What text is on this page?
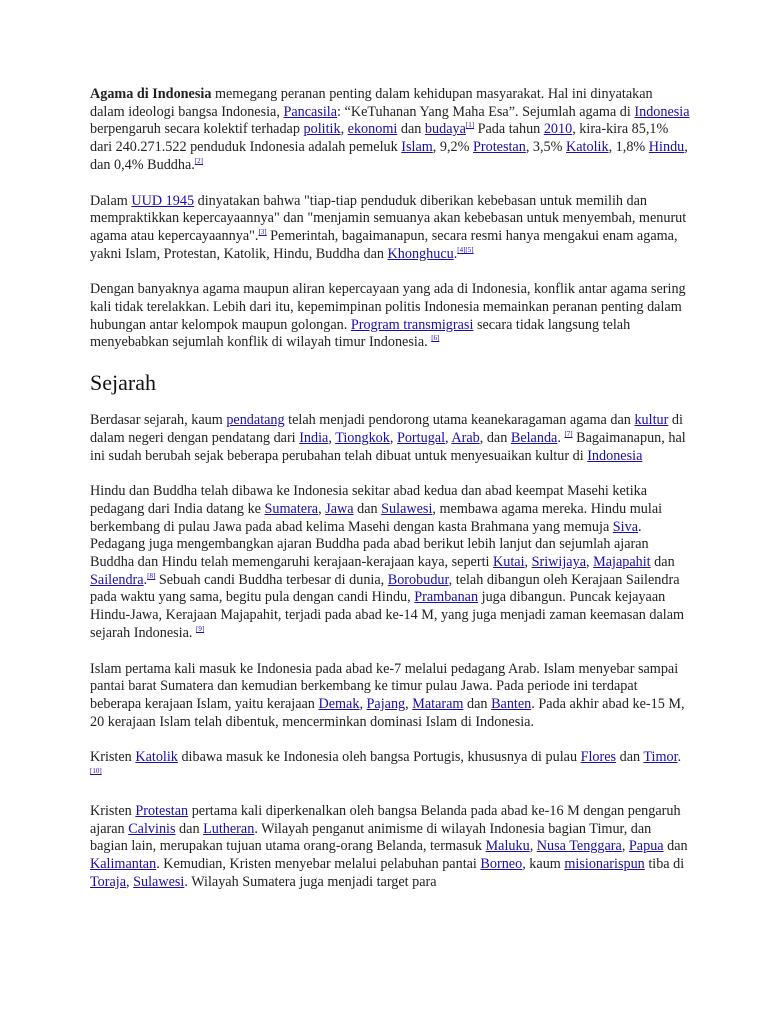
Agama di Indonesia memegang peranan penting dalam kehidupan masyarakat. Hal ini dinyatakan dalam ideologi bangsa Indonesia, Pancasila: “KeTuhanan Yang Maha Esa”. Sejumlah agama di Indonesia berpengaruh secara kolektif terhadap politik, ekonomi dan budaya[1] Pada tahun 2010, kira-kira 85,1% dari 240.271.522 penduduk Indonesia adalah pemeluk Islam, 9,2% Protestan, 3,5% Katolik, 1,8% Hindu, dan 0,4% Buddha.[2]

Dalam UUD 1945 dinyatakan bahwa "tiap-tiap penduduk diberikan kebebasan untuk memilih dan mempraktikkan kepercayaannya" dan "menjamin semuanya akan kebebasan untuk menyembah, menurut agama atau kepercayaannya".[3] Pemerintah, bagaimanapun, secara resmi hanya mengakui enam agama, yakni Islam, Protestan, Katolik, Hindu, Buddha dan Khonghucu.[4][5]

Dengan banyaknya agama maupun aliran kepercayaan yang ada di Indonesia, konflik antar agama sering kali tidak terelakkan. Lebih dari itu, kepemimpinan politis Indonesia memainkan peranan penting dalam hubungan antar kelompok maupun golongan. Program transmigrasi secara tidak langsung telah menyebabkan sejumlah konflik di wilayah timur Indonesia. [6]

Sejarah

Berdasar sejarah, kaum pendatang telah menjadi pendorong utama keanekaragaman agama dan kultur di dalam negeri dengan pendatang dari India, Tiongkok, Portugal, Arab, dan Belanda. [7] Bagaimanapun, hal ini sudah berubah sejak beberapa perubahan telah dibuat untuk menyesuaikan kultur di Indonesia

Hindu dan Buddha telah dibawa ke Indonesia sekitar abad kedua dan abad keempat Masehi ketika pedagang dari India datang ke Sumatera, Jawa dan Sulawesi, membawa agama mereka. Hindu mulai berkembang di pulau Jawa pada abad kelima Masehi dengan kasta Brahmana yang memuja Siva. Pedagang juga mengembangkan ajaran Buddha pada abad berikut lebih lanjut dan sejumlah ajaran Buddha dan Hindu telah memengaruhi kerajaan-kerajaan kaya, seperti Kutai, Sriwijaya, Majapahit dan Sailendra.[8] Sebuah candi Buddha terbesar di dunia, Borobudur, telah dibangun oleh Kerajaan Sailendra pada waktu yang sama, begitu pula dengan candi Hindu, Prambanan juga dibangun. Puncak kejayaan Hindu-Jawa, Kerajaan Majapahit, terjadi pada abad ke-14 M, yang juga menjadi zaman keemasan dalam sejarah Indonesia. [9]

Islam pertama kali masuk ke Indonesia pada abad ke-7 melalui pedagang Arab. Islam menyebar sampai pantai barat Sumatera dan kemudian berkembang ke timur pulau Jawa. Pada periode ini terdapat beberapa kerajaan Islam, yaitu kerajaan Demak, Pajang, Mataram dan Banten. Pada akhir abad ke-15 M, 20 kerajaan Islam telah dibentuk, mencerminkan dominasi Islam di Indonesia.

Kristen Katolik dibawa masuk ke Indonesia oleh bangsa Portugis, khususnya di pulau Flores dan Timor.[10]

Kristen Protestan pertama kali diperkenalkan oleh bangsa Belanda pada abad ke-16 M dengan pengaruh ajaran Calvinis dan Lutheran. Wilayah penganut animisme di wilayah Indonesia bagian Timur, dan bagian lain, merupakan tujuan utama orang-orang Belanda, termasuk Maluku, Nusa Tenggara, Papua dan Kalimantan. Kemudian, Kristen menyebar melalui pelabuhan pantai Borneo, kaum misionarispun tiba di Toraja, Sulawesi. Wilayah Sumatera juga menjadi target para
